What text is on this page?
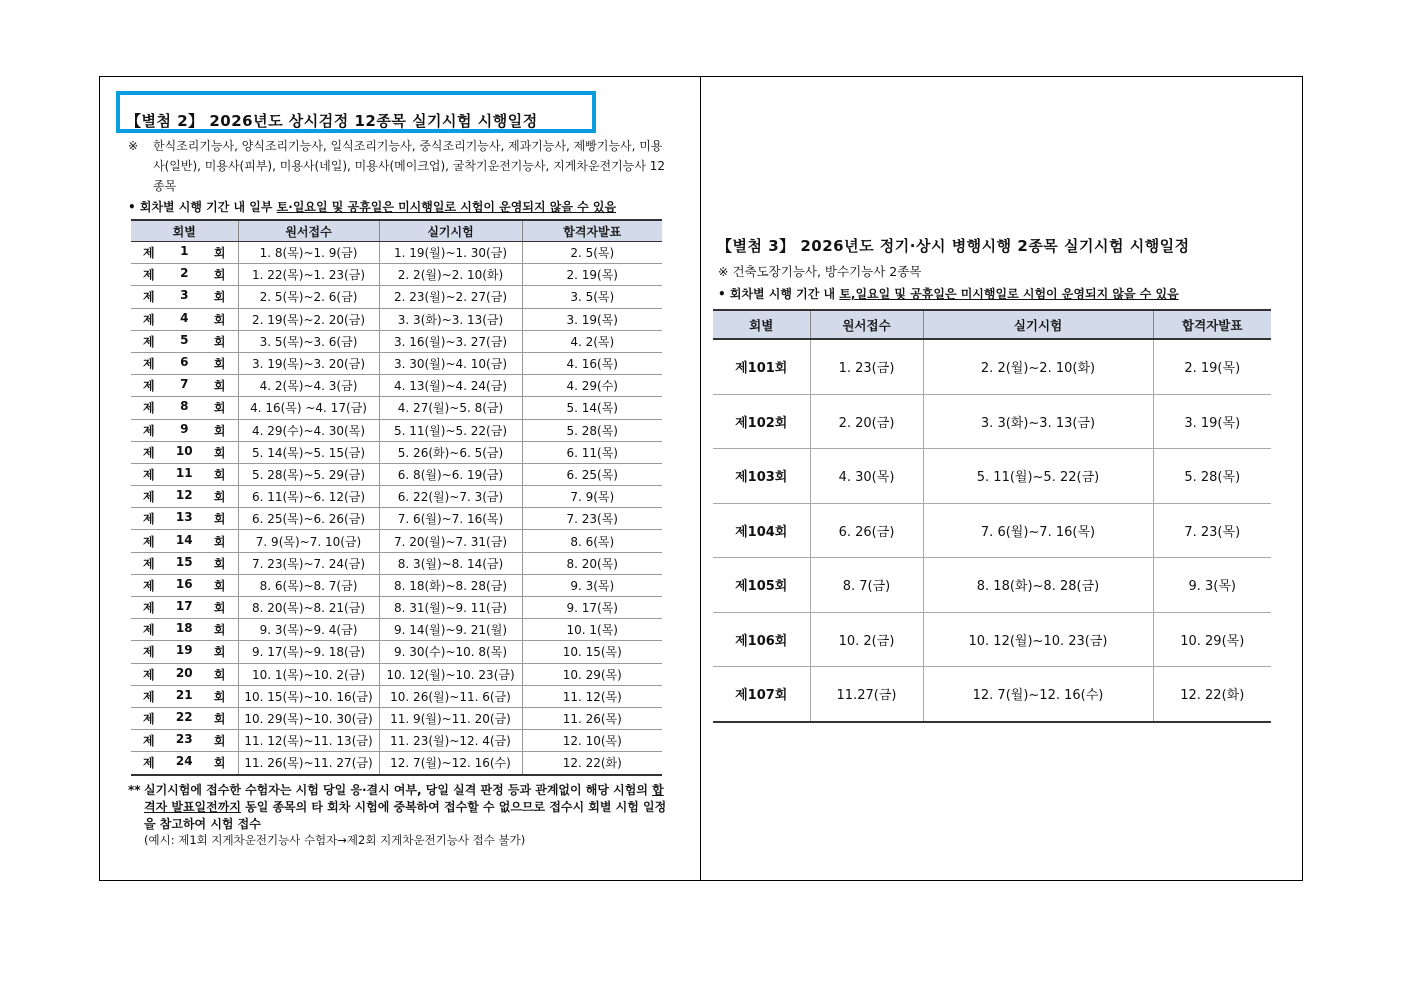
【별첨 2】 2026년도 상시검정 12종목 실기시험 시행일정
※ 한식조리기능사, 양식조리기능사, 일식조리기능사, 중식조리기능사, 제과기능사, 제빵기능사, 미용사(일반), 미용사(피부), 미용사(네일), 미용사(메이크업), 굴착기운전기능사, 지게차운전기능사 12종목
• 회차별 시행 기간 내 일부 토·일요일 및 공휴일은 미시행일로 시험이 운영되지 않을 수 있음
회별	원서접수	실기시험	합격자발표

제 1 회	1. 8(목)~1. 9(금)	1. 19(월)~1. 30(금)	2. 5(목)

제 2 회	1. 22(목)~1. 23(금)	2. 2(월)~2. 10(화)	2. 19(목)

제 3 회	2. 5(목)~2. 6(금)	2. 23(월)~2. 27(금)	3. 5(목)

제 4 회	2. 19(목)~2. 20(금)	3. 3(화)~3. 13(금)	3. 19(목)

제 5 회	3. 5(목)~3. 6(금)	3. 16(월)~3. 27(금)	4. 2(목)

제 6 회	3. 19(목)~3. 20(금)	3. 30(월)~4. 10(금)	4. 16(목)

제 7 회	4. 2(목)~4. 3(금)	4. 13(월)~4. 24(금)	4. 29(수)

제 8 회	4. 16(목) ~4. 17(금)	4. 27(월)~5. 8(금)	5. 14(목)

제 9 회	4. 29(수)~4. 30(목)	5. 11(월)~5. 22(금)	5. 28(목)

제 10 회	5. 14(목)~5. 15(금)	5. 26(화)~6. 5(금)	6. 11(목)

제 11 회	5. 28(목)~5. 29(금)	6. 8(월)~6. 19(금)	6. 25(목)

제 12 회	6. 11(목)~6. 12(금)	6. 22(월)~7. 3(금)	7. 9(목)

제 13 회	6. 25(목)~6. 26(금)	7. 6(월)~7. 16(목)	7. 23(목)

제 14 회	7. 9(목)~7. 10(금)	7. 20(월)~7. 31(금)	8. 6(목)

제 15 회	7. 23(목)~7. 24(금)	8. 3(월)~8. 14(금)	8. 20(목)

제 16 회	8. 6(목)~8. 7(금)	8. 18(화)~8. 28(금)	9. 3(목)

제 17 회	8. 20(목)~8. 21(금)	8. 31(월)~9. 11(금)	9. 17(목)

제 18 회	9. 3(목)~9. 4(금)	9. 14(월)~9. 21(월)	10. 1(목)

제 19 회	9. 17(목)~9. 18(금)	9. 30(수)~10. 8(목)	10. 15(목)

제 20 회	10. 1(목)~10. 2(금)	10. 12(월)~10. 23(금)	10. 29(목)

제 21 회	10. 15(목)~10. 16(금)	10. 26(월)~11. 6(금)	11. 12(목)

제 22 회	10. 29(목)~10. 30(금)	11. 9(월)~11. 20(금)	11. 26(목)

제 23 회	11. 12(목)~11. 13(금)	11. 23(월)~12. 4(금)	12. 10(목)

제 24 회	11. 26(목)~11. 27(금)	12. 7(월)~12. 16(수)	12. 22(화)
** 실기시험에 접수한 수험자는 시험 당일 응·결시 여부, 당일 실격 판정 등과 관계없이 해당 시험의 합격자 발표일전까지 동일 종목의 타 회차 시험에 중복하여 접수할 수 없으므로 접수시 회별 시험 일정을 참고하여 시험 접수
(예시: 제1회 지게차운전기능사 수험자→제2회 지게차운전기능사 접수 불가)
【별첨 3】 2026년도 정기·상시 병행시행 2종목 실기시험 시행일정
※ 건축도장기능사, 방수기능사 2종목
• 회차별 시행 기간 내 토,일요일 및 공휴일은 미시행일로 시험이 운영되지 않을 수 있음
회별	원서접수	실기시험	합격자발표
제101회	1. 23(금)	2. 2(월)~2. 10(화)	2. 19(목)
제102회	2. 20(금)	3. 3(화)~3. 13(금)	3. 19(목)
제103회	4. 30(목)	5. 11(월)~5. 22(금)	5. 28(목)
제104회	6. 26(금)	7. 6(월)~7. 16(목)	7. 23(목)
제105회	8. 7(금)	8. 18(화)~8. 28(금)	9. 3(목)
제106회	10. 2(금)	10. 12(월)~10. 23(금)	10. 29(목)
제107회	11.27(금)	12. 7(월)~12. 16(수)	12. 22(화)
